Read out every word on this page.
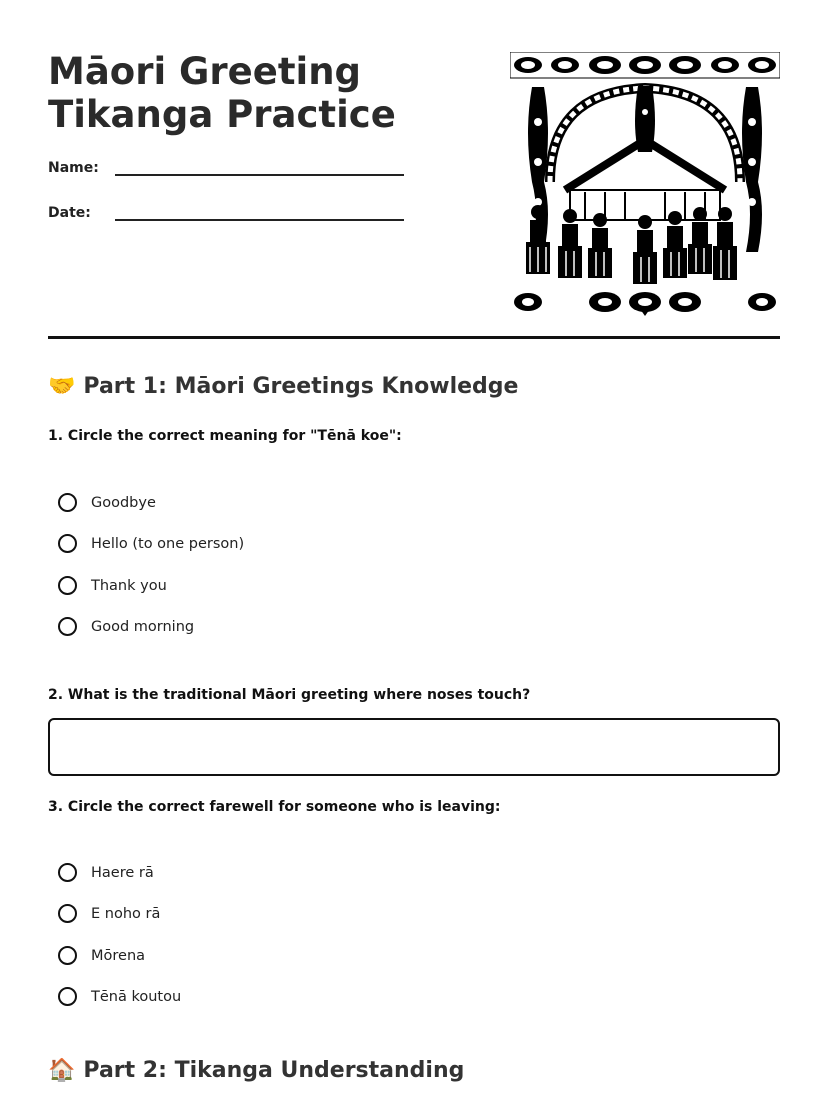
Māori Greeting Tikanga Practice
Name:
Date:
🤝 Part 1: Māori Greetings Knowledge
1. Circle the correct meaning for "Tēnā koe":
Goodbye
Hello (to one person)
Thank you
Good morning
2. What is the traditional Māori greeting where noses touch?
3. Circle the correct farewell for someone who is leaving:
Haere rā
E noho rā
Mōrena
Tēnā koutou
🏠 Part 2: Tikanga Understanding
